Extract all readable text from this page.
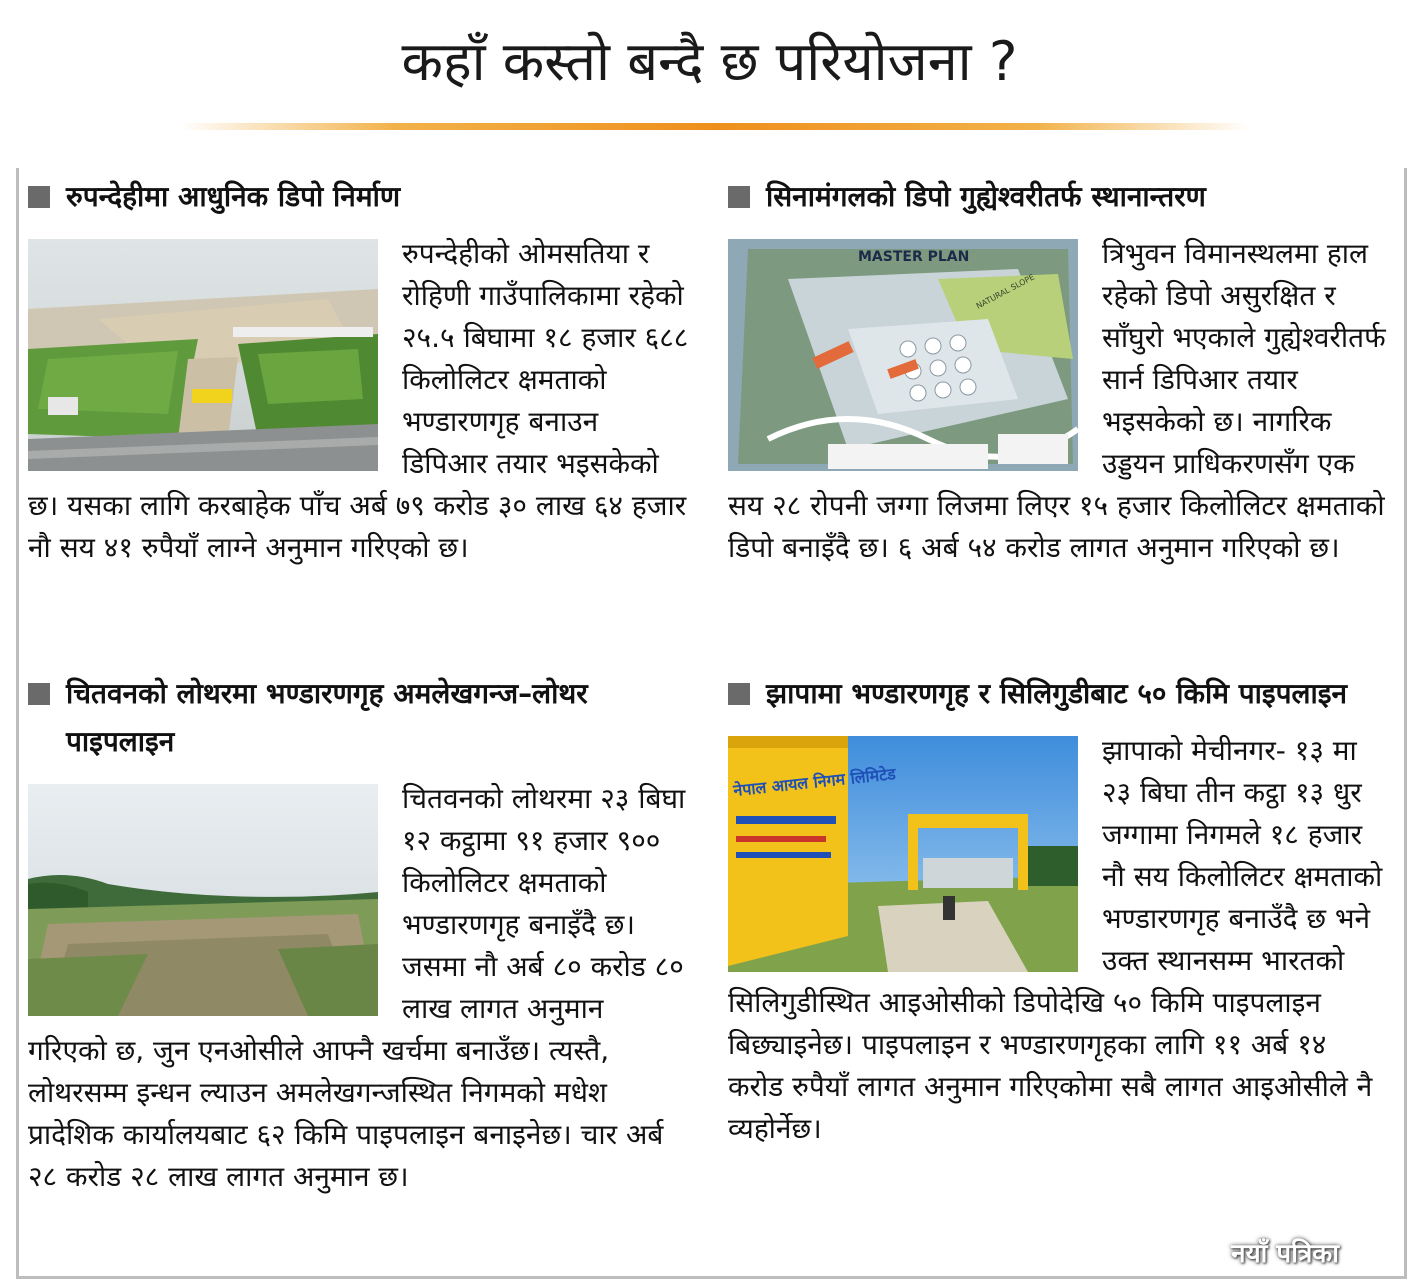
कहाँ कस्तो बन्दै छ परियोजना ?
रुपन्देहीमा आधुनिक डिपो निर्माण
रुपन्देहीको ओमसतिया र रोहिणी गाउँपालिकामा रहेको २५.५ बिघामा १८ हजार ६८८ किलोलिटर क्षमताको भण्डारणगृह बनाउन डिपिआर तयार भइसकेको छ। यसका लागि करबाहेक पाँच अर्ब ७९ करोड ३० लाख ६४ हजार नौ सय ४१ रुपैयाँ लाग्ने अनुमान गरिएको छ।
सिनामंगलको डिपो गुह्येश्वरीतर्फ स्थानान्तरण
MASTER PLAN
NATURAL SLOPE
त्रिभुवन विमानस्थलमा हाल रहेको डिपो असुरक्षित र साँघुरो भएकाले गुह्येश्वरीतर्फ सार्न डिपिआर तयार भइसकेको छ। नागरिक उड्डयन प्राधिकरणसँग एक सय २८ रोपनी जग्गा लिजमा लिएर १५ हजार किलोलिटर क्षमताको डिपो बनाइँदै छ। ६ अर्ब ५४ करोड लागत अनुमान गरिएको छ।
चितवनको लोथरमा भण्डारणगृह अमलेखगन्ज–लोथर पाइपलाइन
चितवनको लोथरमा २३ बिघा १२ कट्ठामा ९१ हजार ९०० किलोलिटर क्षमताको भण्डारणगृह बनाइँदै छ। जसमा नौ अर्ब ८० करोड ८० लाख लागत अनुमान गरिएको छ, जुन एनओसीले आफ्नै खर्चमा बनाउँछ। त्यस्तै, लोथरसम्म इन्धन ल्याउन अमलेखगन्जस्थित निगमको मधेश प्रादेशिक कार्यालयबाट ६२ किमि पाइपलाइन बनाइनेछ। चार अर्ब २८ करोड २८ लाख लागत अनुमान छ।
झापामा भण्डारणगृह र सिलिगुडीबाट ५० किमि पाइपलाइन
नेपाल आयल निगम लिमिटेड
झापाको मेचीनगर- १३ मा २३ बिघा तीन कट्ठा १३ धुर जग्गामा निगमले १८ हजार नौ सय किलोलिटर क्षमताको भण्डारणगृह बनाउँदै छ भने उक्त स्थानसम्म भारतको सिलिगुडीस्थित आइओसीको डिपोदेखि ५० किमि पाइपलाइन बिछ्याइनेछ। पाइपलाइन र भण्डारणगृहका लागि ११ अर्ब १४ करोड रुपैयाँ लागत अनुमान गरिएकोमा सबै लागत आइओसीले नै व्यहोर्नेछ।
नयाँ पत्रिका
